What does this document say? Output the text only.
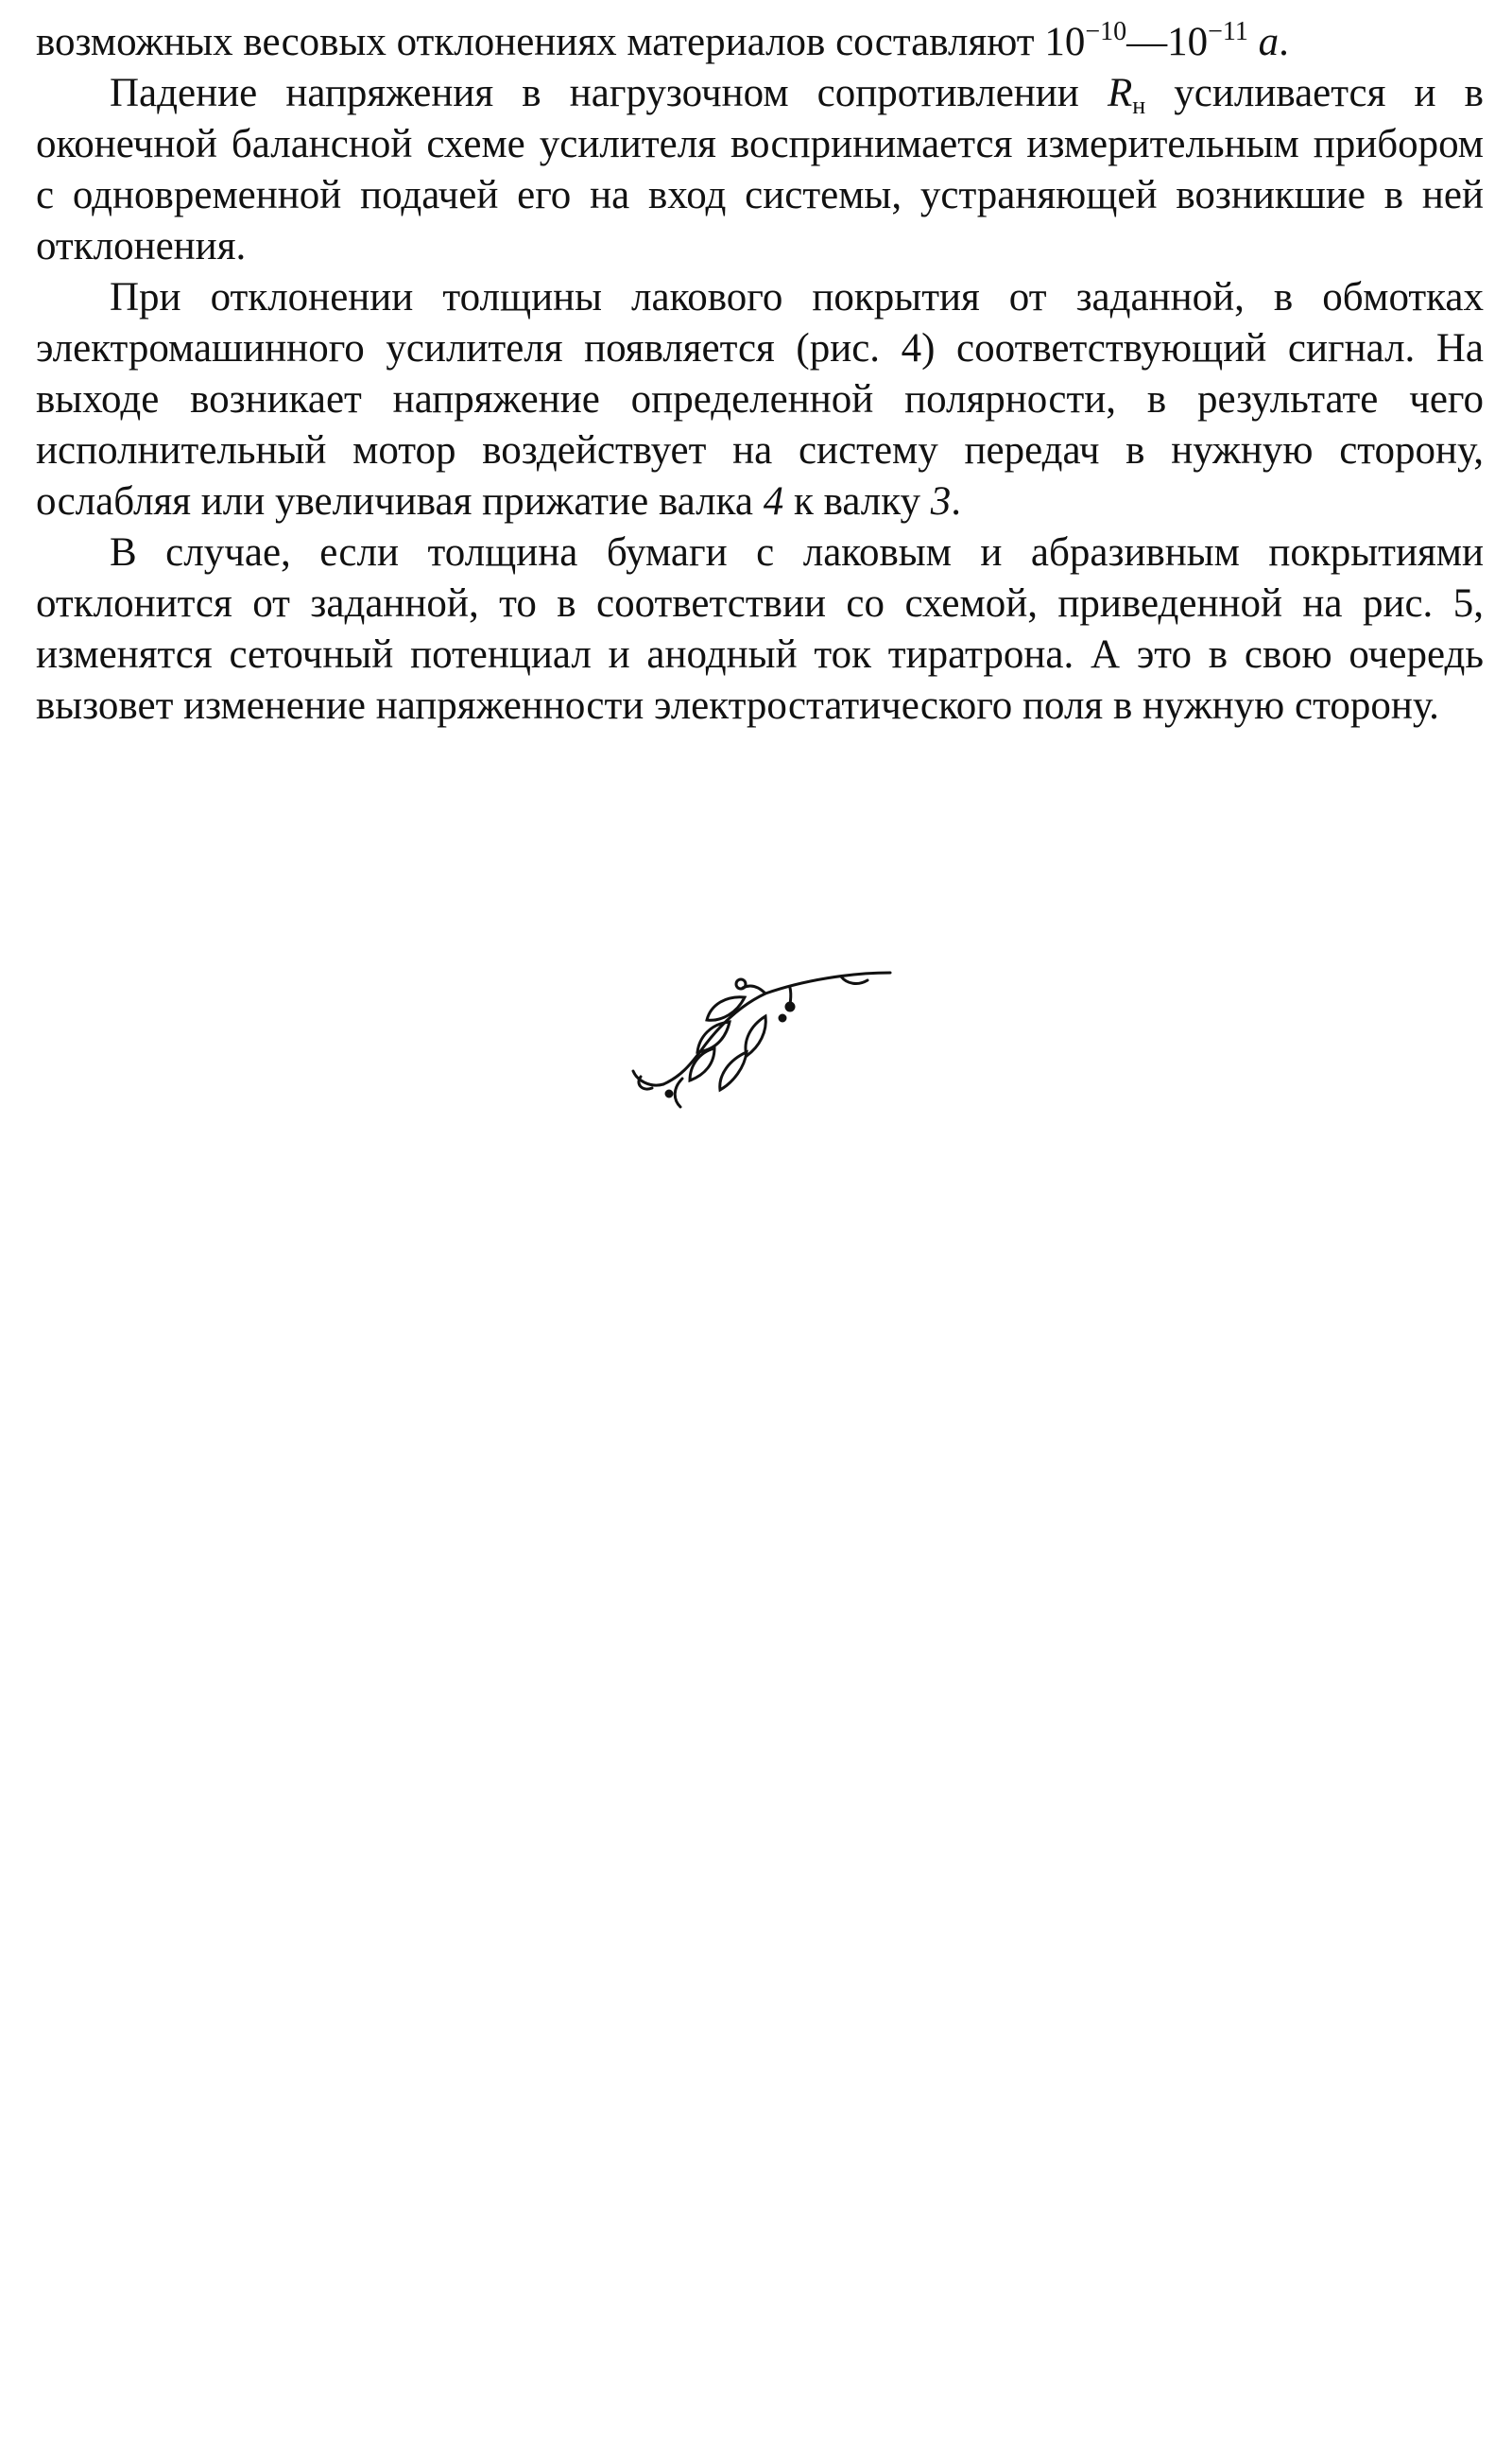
возможных весовых отклонениях материалов составляют $10^{-10}—10^{-11}$ а.

Падение напряжения в нагрузочном сопротивлении $R_н$ усиливается и в оконечной балансной схеме усилителя воспринимается измерительным прибором с одновременной подачей его на вход системы, устраняющей возникшие в ней отклонения.

При отклонении толщины лакового покрытия от заданной, в обмотках электромашинного усилителя появляется (рис. 4) соответствующий сигнал. На выходе возникает напряжение определенной полярности, в результате чего исполнительный мотор воздействует на систему передач в нужную сторону, ослабляя или увеличивая прижатие валка 4 к валку 3.

В случае, если толщина бумаги с лаковым и абразивным покрытиями отклонится от заданной, то в соответствии со схемой, приведенной на рис. 5, изменятся сеточный потенциал и анодный ток тиратрона. А это в свою очередь вызовет изменение напряженности электростатического поля в нужную сторону.
